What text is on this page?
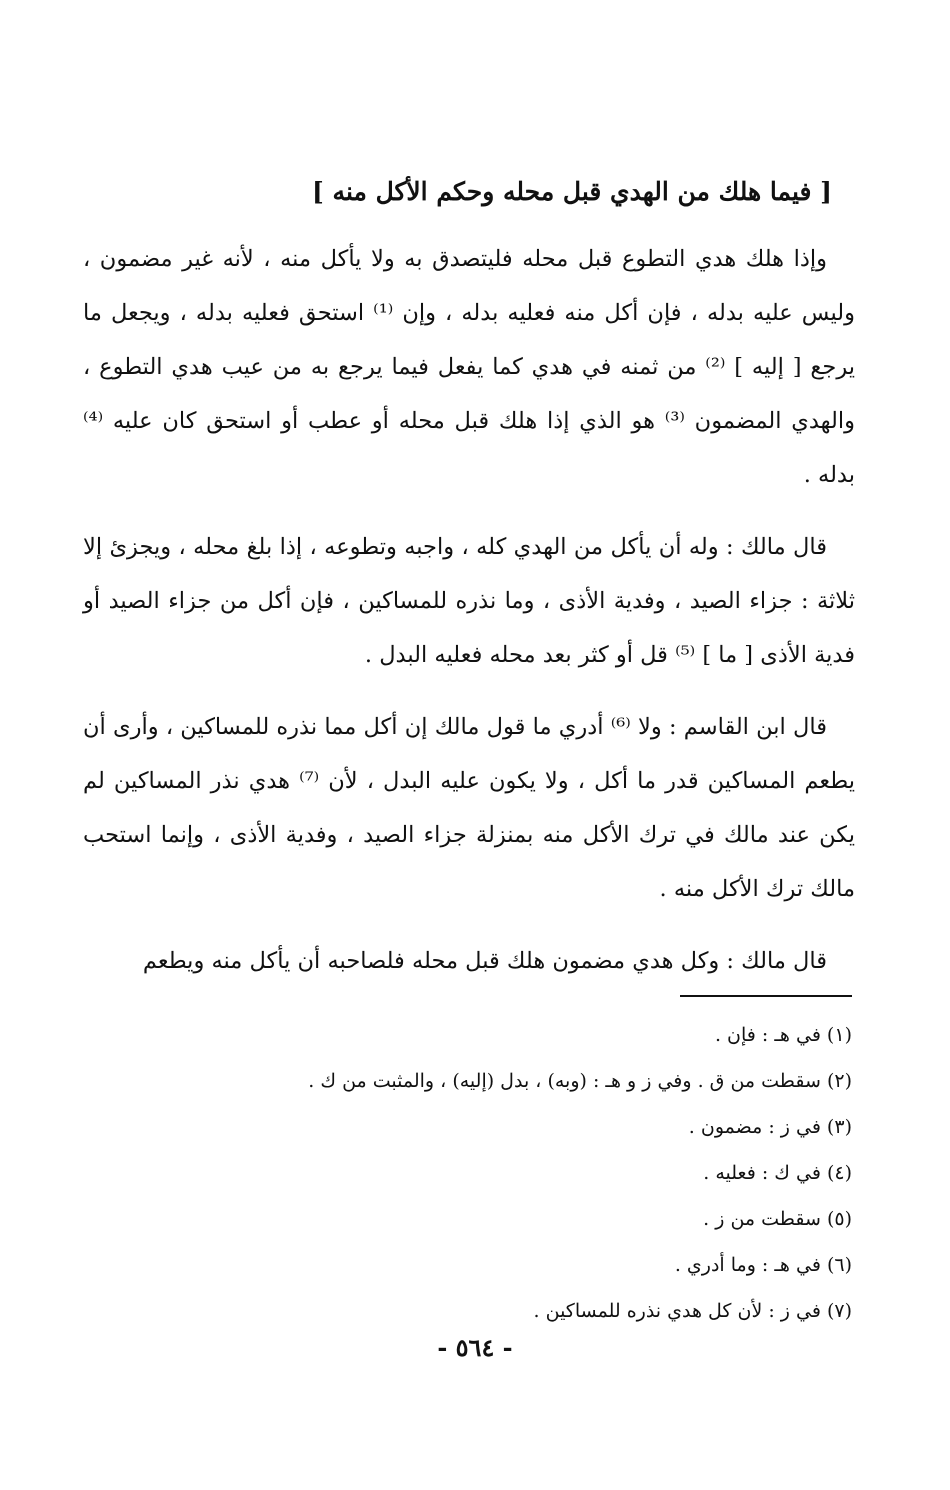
[ فيما هلك من الهدي قبل محله وحكم الأكل منه ]

وإذا هلك هدي التطوع قبل محله فليتصدق به ولا يأكل منه ، لأنه غير مضمون ، وليس عليه بدله ، فإن أكل منه فعليه بدله ، وإن ⁽¹⁾ استحق فعليه بدله ، ويجعل ما يرجع [ إليه ] ⁽²⁾ من ثمنه في هدي كما يفعل فيما يرجع به من عيب هدي التطوع ، والهدي المضمون ⁽³⁾ هو الذي إذا هلك قبل محله أو عطب أو استحق كان عليه ⁽⁴⁾ بدله .

قال مالك : وله أن يأكل من الهدي كله ، واجبه وتطوعه ، إذا بلغ محله ، ويجزئ إلا ثلاثة : جزاء الصيد ، وفدية الأذى ، وما نذره للمساكين ، فإن أكل من جزاء الصيد أو فدية الأذى [ ما ] ⁽⁵⁾ قل أو كثر بعد محله فعليه البدل .

قال ابن القاسم : ولا ⁽⁶⁾ أدري ما قول مالك إن أكل مما نذره للمساكين ، وأرى أن يطعم المساكين قدر ما أكل ، ولا يكون عليه البدل ، لأن ⁽⁷⁾ هدي نذر المساكين لم يكن عند مالك في ترك الأكل منه بمنزلة جزاء الصيد ، وفدية الأذى ، وإنما استحب مالك ترك الأكل منه .

قال مالك : وكل هدي مضمون هلك قبل محله فلصاحبه أن يأكل منه ويطعم

(١) في هـ : فإن .
(٢) سقطت من ق . وفي ز و هـ : (وبه) ، بدل (إليه) ، والمثبت من ك .
(٣) في ز : مضمون .
(٤) في ك : فعليه .
(٥) سقطت من ز .
(٦) في هـ : وما أدري .
(٧) في ز : لأن كل هدي نذره للمساكين .
- ٥٦٤ -
